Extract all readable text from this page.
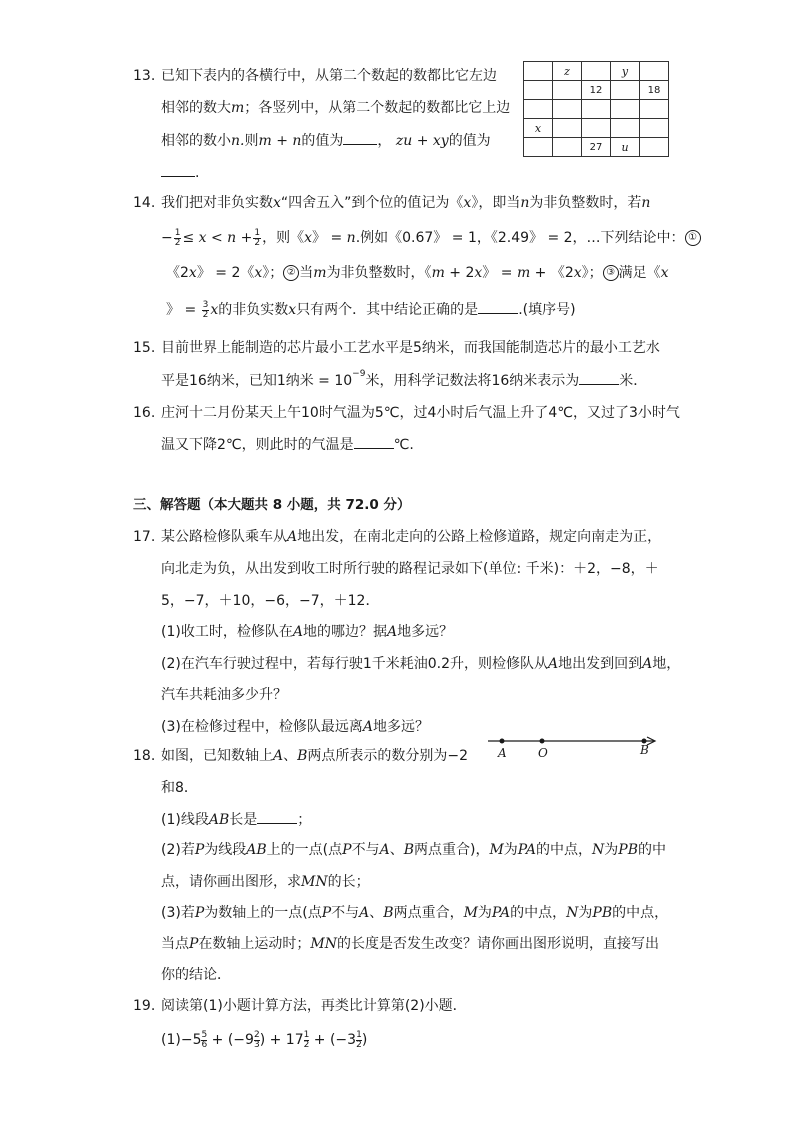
13. 已知下表内的各横行中，从第二个数起的数都比它左边
相邻的数大m；各竖列中，从第二个数起的数都比它上边
相邻的数小n.则m + n的值为 ， zu + xy的值为
.
	z		y	
		12		18

x				
		27	u	
14. 我们把对非负实数x“四舍五入”到个位的值记为《x》，即当n为非负整数时，若n
− $\frac{1}{2} \le x < n + \frac{1}{2}$ ，则《x》 = n.例如《0.67》 = 1，《2.49》 = 2，…下列结论中： ①
《2x》 = 2《x》； ② 当m为非负整数时，《m + 2x》 = m + 《2x》； ③ 满足《x
》 = $\frac{3}{2}$ x的非负实数x只有两个．其中结论正确的是	.(填序号)
15. 目前世界上能制造的芯片最小工艺水平是5纳米，而我国能制造芯片的最小工艺水
平是16纳米，已知1纳米 = $10^{-9}$米，用科学记数法将16纳米表示为	米．
16. 庄河十二月份某天上午10时气温为5℃，过4小时后气温上升了4℃，又过了3小时气
温又下降2℃，则此时的气温是	℃.
三、解答题（本大题共 8 小题，共 72.0 分）
17. 某公路检修队乘车从A地出发，在南北走向的公路上检修道路，规定向南走为正，
向北走为负，从出发到收工时所行驶的路程记录如下(单位: 千米)：＋2，−8，＋
5，−7，＋10，−6，−7，＋12．
(1)收工时，检修队在A地的哪边？据A地多远？
(2)在汽车行驶过程中，若每行驶1千米耗油0.2升，则检修队从A地出发到回到A地，
汽车共耗油多少升？
(3)在检修过程中，检修队最远离A地多远？
18. 如图，已知数轴上A、B两点所表示的数分别为−2
和8．
A	O	B
(1)线段AB长是	；
(2)若P为线段AB上的一点(点P不与A、B两点重合)，M为PA的中点，N为PB的中
点，请你画出图形，求MN的长；
(3)若P为数轴上的一点(点P不与A、B两点重合，M为PA的中点，N为PB的中点，
当点P在数轴上运动时；MN的长度是否发生改变？请你画出图形说明，直接写出
你的结论．
19. 阅读第(1)小题计算方法，再类比计算第(2)小题．
$(1)-5 \frac{5}{6} + (-9 \frac{2}{3}$ ) + $17 \frac{1}{2} + (-3 \frac{1}{2}$ )
